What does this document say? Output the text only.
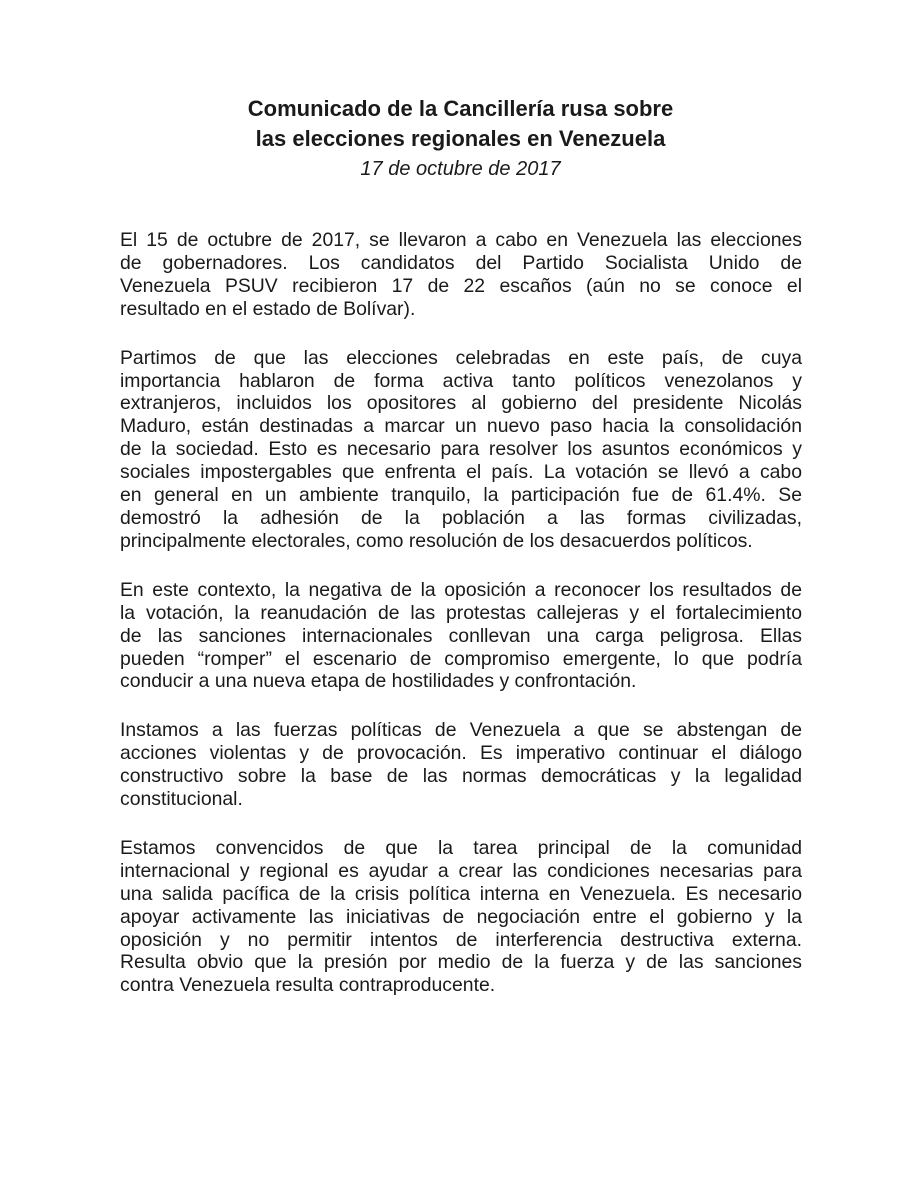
Comunicado de la Cancillería rusa sobre
las elecciones regionales en Venezuela

17 de octubre de 2017

El 15 de octubre de 2017, se llevaron a cabo en Venezuela las elecciones
de gobernadores. Los candidatos del Partido Socialista Unido de
Venezuela PSUV recibieron 17 de 22 escaños (aún no se conoce el
resultado en el estado de Bolívar).

Partimos de que las elecciones celebradas en este país, de cuya
importancia hablaron de forma activa tanto políticos venezolanos y
extranjeros, incluidos los opositores al gobierno del presidente Nicolás
Maduro, están destinadas a marcar un nuevo paso hacia la consolidación
de la sociedad. Esto es necesario para resolver los asuntos económicos y
sociales impostergables que enfrenta el país. La votación se llevó a cabo
en general en un ambiente tranquilo, la participación fue de 61.4%. Se
demostró la adhesión de la población a las formas civilizadas,
principalmente electorales, como resolución de los desacuerdos políticos.

En este contexto, la negativa de la oposición a reconocer los resultados de
la votación, la reanudación de las protestas callejeras y el fortalecimiento
de las sanciones internacionales conllevan una carga peligrosa. Ellas
pueden “romper” el escenario de compromiso emergente, lo que podría
conducir a una nueva etapa de hostilidades y confrontación.

Instamos a las fuerzas políticas de Venezuela a que se abstengan de
acciones violentas y de provocación. Es imperativo continuar el diálogo
constructivo sobre la base de las normas democráticas y la legalidad
constitucional.

Estamos convencidos de que la tarea principal de la comunidad
internacional y regional es ayudar a crear las condiciones necesarias para
una salida pacífica de la crisis política interna en Venezuela. Es necesario
apoyar activamente las iniciativas de negociación entre el gobierno y la
oposición y no permitir intentos de interferencia destructiva externa.
Resulta obvio que la presión por medio de la fuerza y de las sanciones
contra Venezuela resulta contraproducente.
